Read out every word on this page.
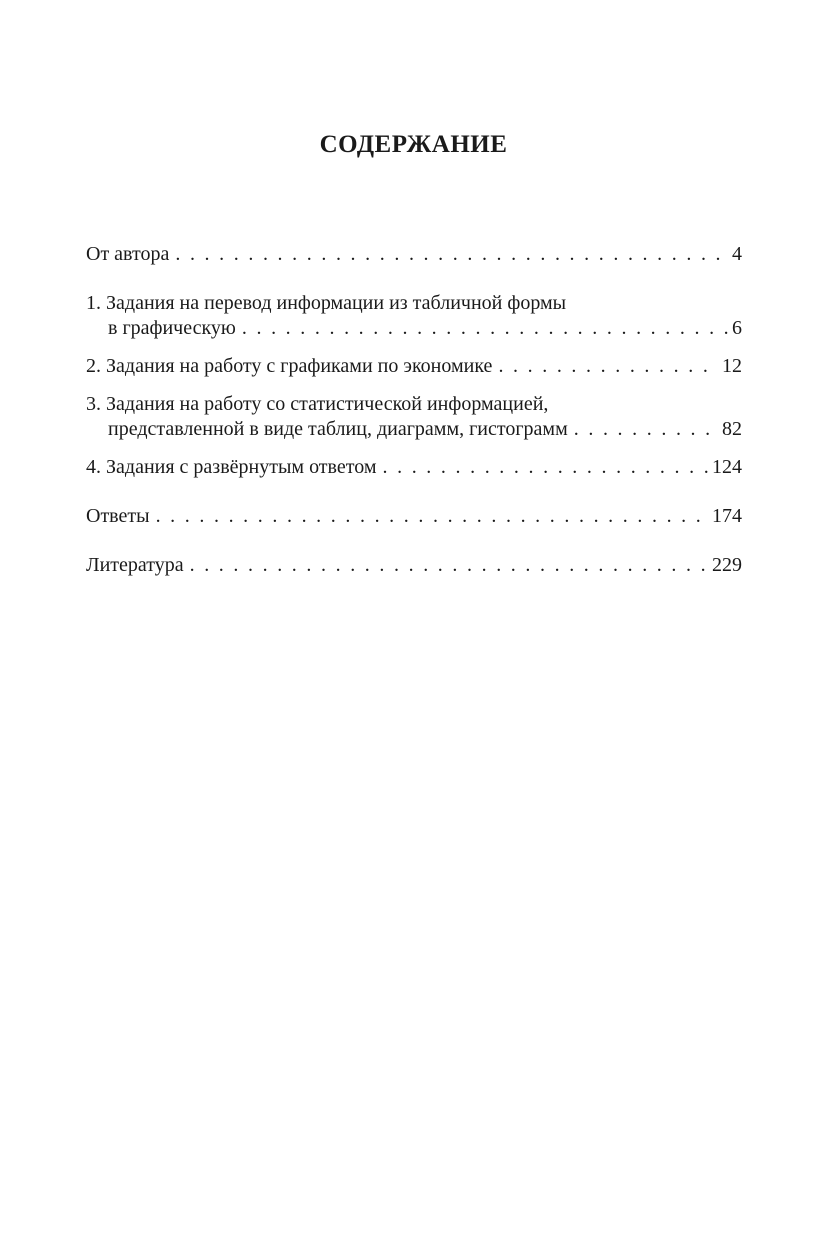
СОДЕРЖАНИЕ
От автора . . .	4
1. Задания на перевод информации из табличной формы
в графическую . . .	6
2. Задания на работу с графиками по экономике . . .	12
3. Задания на работу со статистической информацией,
представленной в виде таблиц, диаграмм, гистограмм . . .	82
4. Задания с развёрнутым ответом . . .	124
Ответы . . .	174
Литература . . .	229
